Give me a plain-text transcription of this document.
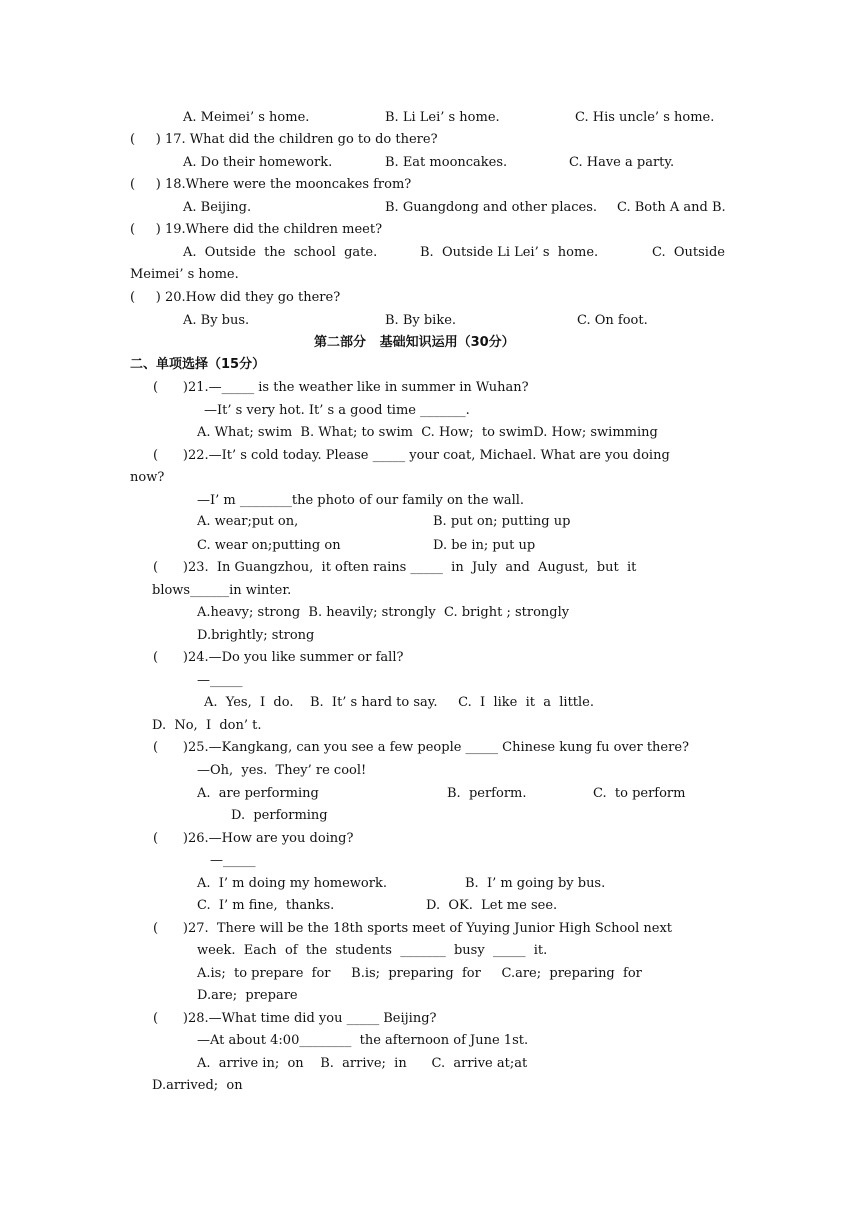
A. Meimei’ s home.	B. Li Lei’ s home.	C. His uncle’ s home.
(     ) 17. What did the children go to do there?
A. Do their homework.	B. Eat mooncakes.	C. Have a party.
(     ) 18.Where were the mooncakes from?
A. Beijing.	B. Guangdong and other places. C. Both A and B.
(     ) 19.Where did the children meet?
A.  Outside  the  school  gate.	B.  Outside Li Lei’ s  home.	C.  Outside
Meimei’ s home.
(     ) 20.How did they go there?
A. By bus.	B. By bike.	C. On foot.
第二部分   基础知识运用（30分）
二、单项选择（15分）
(      )21.—_____ is the weather like in summer in Wuhan?
—It’ s very hot. It’ s a good time _______.
A. What; swim  B. What; to swim  C. How;  to swimD. How; swimming
(      )22.—It’ s cold today. Please _____ your coat, Michael. What are you doing
now?
—I’ m ________the photo of our family on the wall.
A. wear;put on,	B. put on; putting up
C. wear on;putting on	D. be in; put up
(      )23.  In Guangzhou,  it often rains _____  in  July  and  August,  but  it
blows______in winter.
A.heavy; strong  B. heavily; strongly  C. bright ; strongly
D.brightly; strong
(      )24.—Do you like summer or fall?
—_____
A.  Yes,  I  do.    B.  It’ s hard to say.     C.  I  like  it  a  little.
D.  No,  I  don’ t.
(      )25.—Kangkang, can you see a few people _____ Chinese kung fu over there?
—Oh,  yes.  They’ re cool!
A.  are performing	B.  perform.	C.  to perform
D.  performing
(      )26.—How are you doing?
—_____
A.  I’ m doing my homework.	B.  I’ m going by bus.
C.  I’ m fine,  thanks.	D.  OK.  Let me see.
(      )27.  There will be the 18th sports meet of Yuying Junior High School next
week.  Each  of  the  students  _______  busy  _____  it.
A.is;  to prepare  for     B.is;  preparing  for     C.are;  preparing  for
D.are;  prepare
(      )28.—What time did you _____ Beijing?
—At about 4:00________  the afternoon of June 1st.
A.  arrive in;  on    B.  arrive;  in      C.  arrive at;at
D.arrived;  on
